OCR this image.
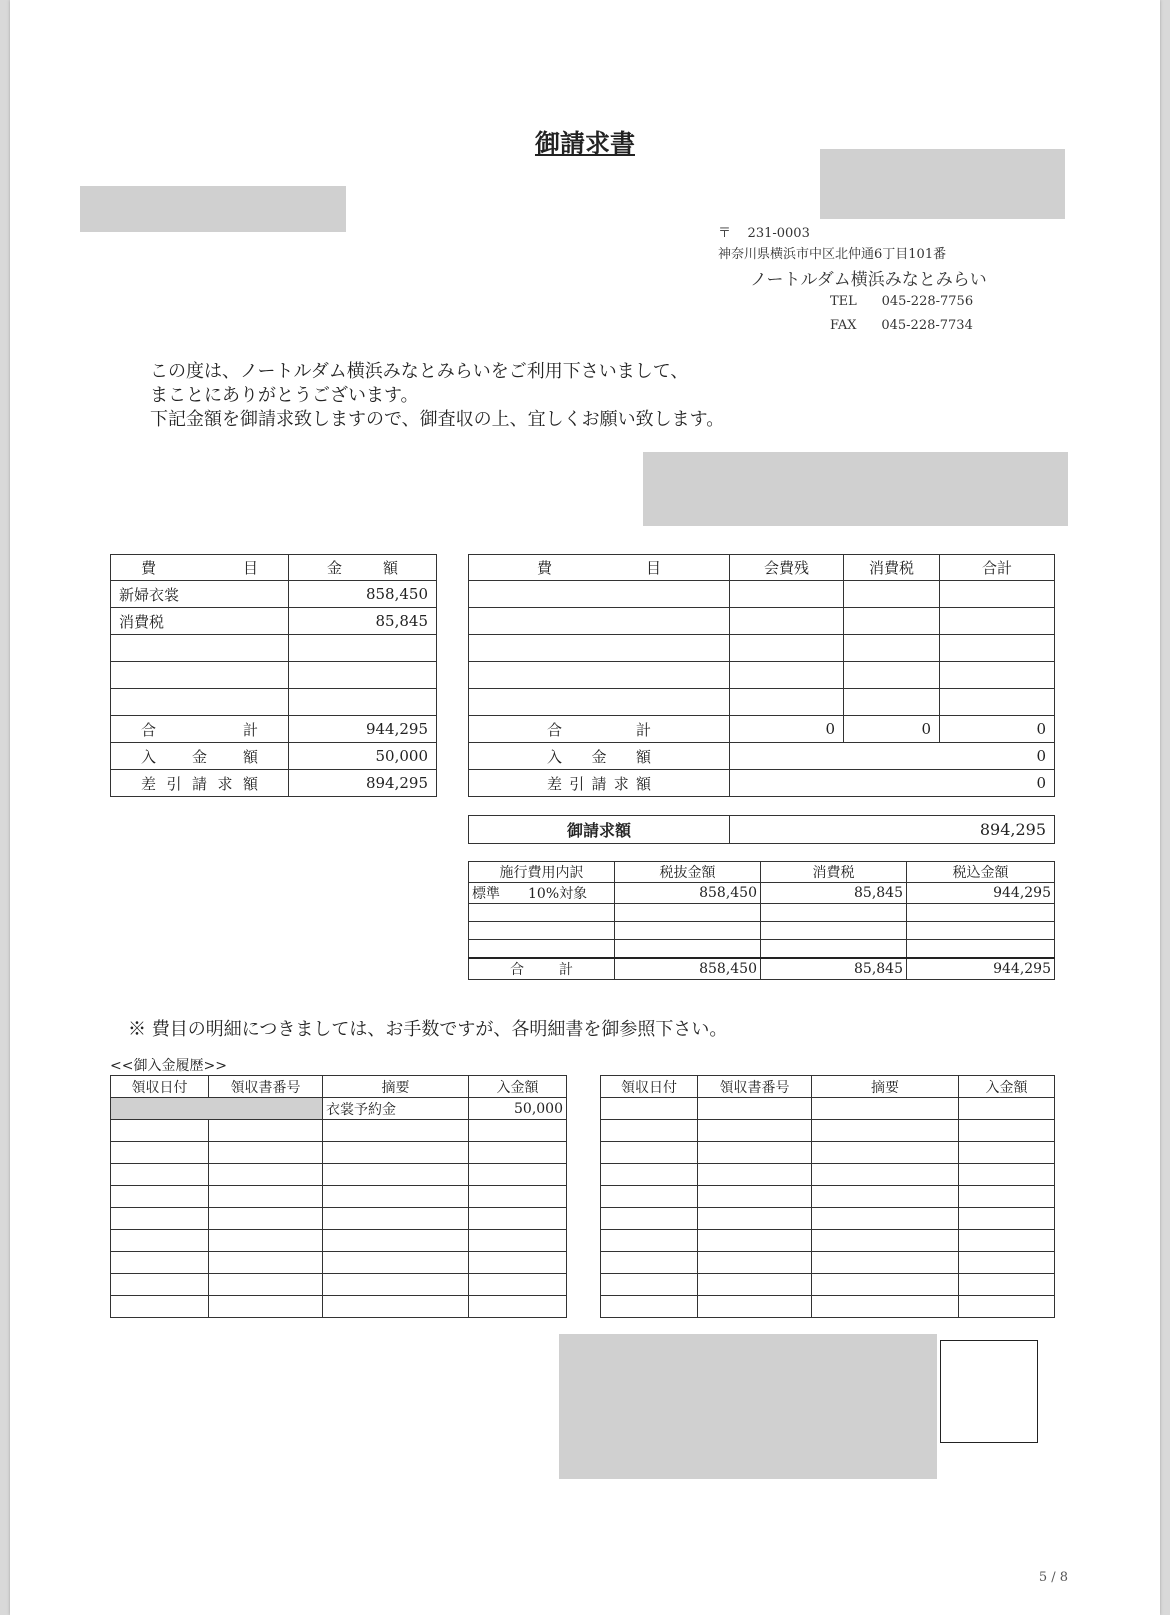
御請求書
〒 231-0003
神奈川県横浜市中区北仲通6丁目101番
ノートルダム横浜みなとみらい
TEL 045-228-7756
FAX 045-228-7734
この度は、ノートルダム横浜みなとみらいをご利用下さいまして、
まことにありがとうございます。
下記金額を御請求致しますので、御査収の上、宜しくお願い致します。
費 目	金 額

新婦衣裳	858,450
消費税	85,845

合 計	944,295

入 金 額	50,000

差 引 請 求 額	894,295
費 目	会費残	消費税	合計

合 計	0	0	0

入 金 額	0		

差 引 請 求 額	0		
御請求額	894,295
施行費用内訳	税抜金額	消費税	税込金額
標準　　10%対象	858,450	85,845	944,295

合 計	858,450	85,845	944,295
※ 費目の明細につきましては、お手数ですが、各明細書を御参照下さい。
<<御入金履歴>>
領収日付	領収書番号	摘要	入金額
		衣裳予約金	50,000

領収日付	領収書番号	摘要	入金額

5 / 8
